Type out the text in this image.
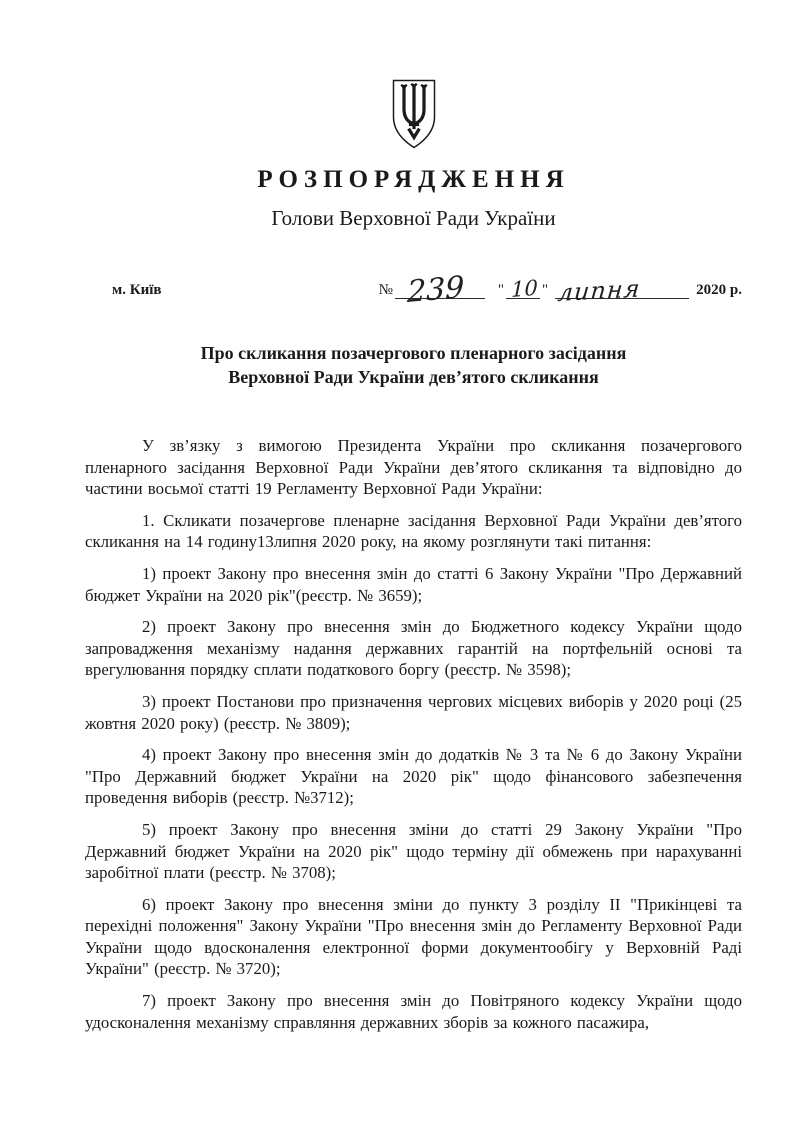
РОЗПОРЯДЖЕННЯ
Голови Верховної Ради України
м. Київ	№ 239 " 10 " липня	2020 р.
Про скликання позачергового пленарного засідання
Верховної Ради України дев’ятого скликання

У зв’язку з вимогою Президента України про скликання позачергового пленарного засідання Верховної Ради України дев’ятого скликання та відповідно до частини восьмої статті 19 Регламенту Верховної Ради України:

1. Скликати позачергове пленарне засідання Верховної Ради України дев’ятого скликання на 14 годину13липня 2020 року, на якому розглянути такі питання:

1) проект Закону про внесення змін до статті 6 Закону України "Про Державний бюджет України на 2020 рік"(реєстр. № 3659);

2) проект Закону про внесення змін до Бюджетного кодексу України щодо запровадження механізму надання державних гарантій на портфельній основі та врегулювання порядку сплати податкового боргу (реєстр. № 3598);

3) проект Постанови про призначення чергових місцевих виборів у 2020 році (25 жовтня 2020 року) (реєстр. № 3809);

4) проект Закону про внесення змін до додатків № 3 та № 6 до Закону України "Про Державний бюджет України на 2020 рік" щодо фінансового забезпечення проведення виборів (реєстр. №3712);

5) проект Закону про внесення зміни до статті 29 Закону України "Про Державний бюджет України на 2020 рік" щодо терміну дії обмежень при нарахуванні заробітної плати (реєстр. № 3708);

6) проект Закону про внесення зміни до пункту 3 розділу II "Прикінцеві та перехідні положення" Закону України "Про внесення змін до Регламенту Верховної Ради України щодо вдосконалення електронної форми документообігу у Верховній Раді України" (реєстр. № 3720);

7) проект Закону про внесення змін до Повітряного кодексу України щодо удосконалення механізму справляння державних зборів за кожного пасажира,
